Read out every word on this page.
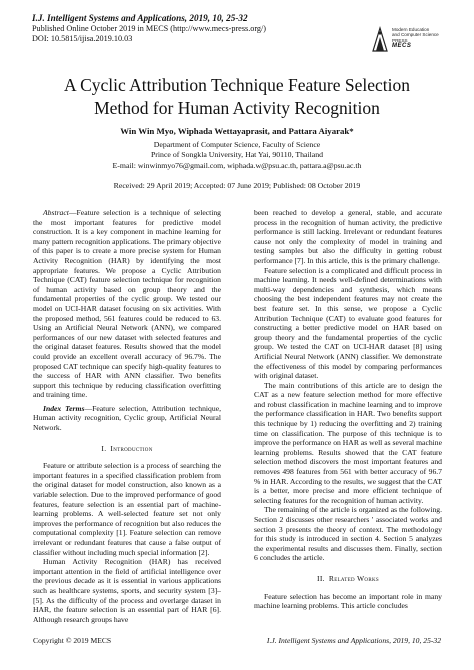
I.J. Intelligent Systems and Applications, 2019, 10, 25-32
Published Online October 2019 in MECS (http://www.mecs-press.org/)
DOI: 10.5815/ijisa.2019.10.03
Modern Education
and Computer Science
PRESS
MECS
A Cyclic Attribution Technique Feature Selection
Method for Human Activity Recognition
Win Win Myo, Wiphada Wettayaprasit, and Pattara Aiyarak*
Department of Computer Science, Faculty of Science
Prince of Songkla University, Hat Yai, 90110, Thailand
E-mail: winwinmyo76@gmail.com, wiphada.w@psu.ac.th, pattara.a@psu.ac.th
Received: 29 April 2019; Accepted: 07 June 2019; Published: 08 October 2019

Abstract—Feature selection is a technique of selecting the most important features for predictive model construction. It is a key component in machine learning for many pattern recognition applications. The primary objective of this paper is to create a more precise system for Human Activity Recognition (HAR) by identifying the most appropriate features. We propose a Cyclic Attribution Technique (CAT) feature selection technique for recognition of human activity based on group theory and the fundamental properties of the cyclic group. We tested our model on UCI-HAR dataset focusing on six activities. With the proposed method, 561 features could be reduced to 63. Using an Artificial Neural Network (ANN), we compared performances of our new dataset with selected features and the original dataset features. Results showed that the model could provide an excellent overall accuracy of 96.7%. The proposed CAT technique can specify high-quality features to the success of HAR with ANN classifier. Two benefits support this technique by reducing classification overfitting and training time.

Index Terms—Feature selection, Attribution technique, Human activity recognition, Cyclic group, Artificial Neural Network.

I. Introduction

Feature or attribute selection is a process of searching the important features in a specified classification problem from the original dataset for model construction, also known as a variable selection. Due to the improved performance of good features, feature selection is an essential part of machine-learning problems. A well-selected feature set not only improves the performance of recognition but also reduces the computational complexity [1]. Feature selection can remove irrelevant or redundant features that cause a false output of classifier without including much special information [2].

Human Activity Recognition (HAR) has received important attention in the field of artificial intelligence over the previous decade as it is essential in various applications such as healthcare systems, sports, and security system [3]–[5]. As the difficulty of the process and overlarge dataset in HAR, the feature selection is an essential part of HAR [6]. Although research groups have

been reached to develop a general, stable, and accurate process in the recognition of human activity, the predictive performance is still lacking. Irrelevant or redundant features cause not only the complexity of model in training and testing samples but also the difficulty in getting robust performance [7]. In this article, this is the primary challenge.

Feature selection is a complicated and difficult process in machine learning. It needs well-defined determinations with multi-way dependencies and synthesis, which means choosing the best independent features may not create the best feature set. In this sense, we propose a Cyclic Attribution Technique (CAT) to evaluate good features for constructing a better predictive model on HAR based on group theory and the fundamental properties of the cyclic group. We tested the CAT on UCI-HAR dataset [8] using Artificial Neural Network (ANN) classifier. We demonstrate the effectiveness of this model by comparing performances with original dataset.

The main contributions of this article are to design the CAT as a new feature selection method for more effective and robust classification in machine learning and to improve the performance classification in HAR. Two benefits support this technique by 1) reducing the overfitting and 2) training time on classification. The purpose of this technique is to improve the performance on HAR as well as several machine learning problems. Results showed that the CAT feature selection method discovers the most important features and removes 498 features from 561 with better accuracy of 96.7 % in HAR. According to the results, we suggest that the CAT is a better, more precise and more efficient technique of selecting features for the recognition of human activity.

The remaining of the article is organized as the following. Section 2 discusses other researchers ' associated works and section 3 presents the theory of context. The methodology for this study is introduced in section 4. Section 5 analyzes the experimental results and discusses them. Finally, section 6 concludes the article.

II. Related Works

Feature selection has become an important role in many machine learning problems. This article concludes

Copyright © 2019 MECS	I.J. Intelligent Systems and Applications, 2019, 10, 25-32
